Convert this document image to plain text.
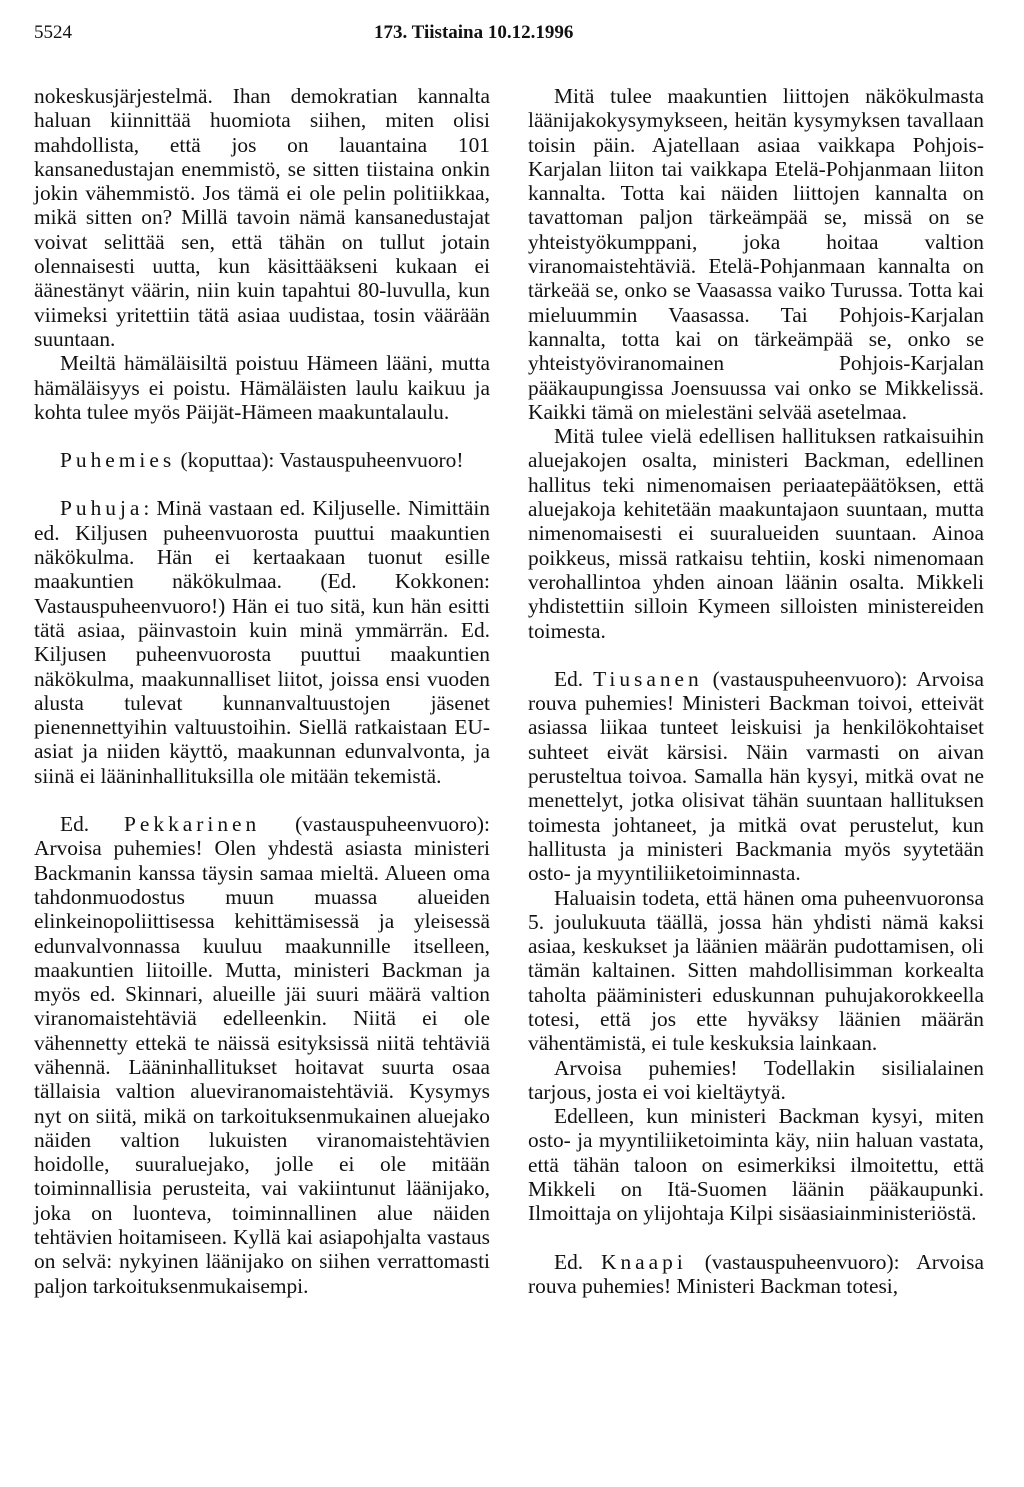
5524	173. Tiistaina 10.12.1996

nokeskusjärjestelmä. Ihan demokratian kannalta haluan kiinnittää huomiota siihen, miten olisi mahdollista, että jos on lauantaina 101 kansanedustajan enemmistö, se sitten tiistaina onkin jokin vähemmistö. Jos tämä ei ole pelin politiikkaa, mikä sitten on? Millä tavoin nämä kansanedustajat voivat selittää sen, että tähän on tullut jotain olennaisesti uutta, kun käsittääkseni kukaan ei äänestänyt väärin, niin kuin tapahtui 80-luvulla, kun viimeksi yritettiin tätä asiaa uudistaa, tosin väärään suuntaan.

Meiltä hämäläisiltä poistuu Hämeen lääni, mutta hämäläisyys ei poistu. Hämäläisten laulu kaikuu ja kohta tulee myös Päijät-Hämeen maakuntalaulu.

Puhemies (koputtaa): Vastauspuheenvuoro!

Puhuja: Minä vastaan ed. Kiljuselle. Nimittäin ed. Kiljusen puheenvuorosta puuttui maakuntien näkökulma. Hän ei kertaakaan tuonut esille maakuntien näkökulmaa. (Ed. Kokkonen: Vastauspuheenvuoro!) Hän ei tuo sitä, kun hän esitti tätä asiaa, päinvastoin kuin minä ymmärrän. Ed. Kiljusen puheenvuorosta puuttui maakuntien näkökulma, maakunnalliset liitot, joissa ensi vuoden alusta tulevat kunnanvaltuustojen jäsenet pienennettyihin valtuustoihin. Siellä ratkaistaan EU-asiat ja niiden käyttö, maakunnan edunvalvonta, ja siinä ei lääninhallituksilla ole mitään tekemistä.

Ed. Pekkarinen (vastauspuheenvuoro): Arvoisa puhemies! Olen yhdestä asiasta ministeri Backmanin kanssa täysin samaa mieltä. Alueen oma tahdonmuodostus muun muassa alueiden elinkeinopoliittisessa kehittämisessä ja yleisessä edunvalvonnassa kuuluu maakunnille itselleen, maakuntien liitoille. Mutta, ministeri Backman ja myös ed. Skinnari, alueille jäi suuri määrä valtion viranomaistehtäviä edelleenkin. Niitä ei ole vähennetty ettekä te näissä esityksissä niitä tehtäviä vähennä. Lääninhallitukset hoitavat suurta osaa tällaisia valtion alueviranomaistehtäviä. Kysymys nyt on siitä, mikä on tarkoituksenmukainen aluejako näiden valtion lukuisten viranomaistehtävien hoidolle, suuraluejako, jolle ei ole mitään toiminnallisia perusteita, vai vakiintunut läänijako, joka on luonteva, toiminnallinen alue näiden tehtävien hoitamiseen. Kyllä kai asiapohjalta vastaus on selvä: nykyinen läänijako on siihen verrattomasti paljon tarkoituksenmukaisempi.

Mitä tulee maakuntien liittojen näkökulmasta läänijakokysymykseen, heitän kysymyksen tavallaan toisin päin. Ajatellaan asiaa vaikkapa Pohjois-Karjalan liiton tai vaikkapa Etelä-Pohjanmaan liiton kannalta. Totta kai näiden liittojen kannalta on tavattoman paljon tärkeämpää se, missä on se yhteistyökumppani, joka hoitaa valtion viranomaistehtäviä. Etelä-Pohjanmaan kannalta on tärkeää se, onko se Vaasassa vaiko Turussa. Totta kai mieluummin Vaasassa. Tai Pohjois-Karjalan kannalta, totta kai on tärkeämpää se, onko se yhteistyöviranomainen Pohjois-Karjalan pääkaupungissa Joensuussa vai onko se Mikkelissä. Kaikki tämä on mielestäni selvää asetelmaa.

Mitä tulee vielä edellisen hallituksen ratkaisuihin aluejakojen osalta, ministeri Backman, edellinen hallitus teki nimenomaisen periaatepäätöksen, että aluejakoja kehitetään maakuntajaon suuntaan, mutta nimenomaisesti ei suuralueiden suuntaan. Ainoa poikkeus, missä ratkaisu tehtiin, koski nimenomaan verohallintoa yhden ainoan läänin osalta. Mikkeli yhdistettiin silloin Kymeen silloisten ministereiden toimesta.

Ed. Tiusanen (vastauspuheenvuoro): Arvoisa rouva puhemies! Ministeri Backman toivoi, etteivät asiassa liikaa tunteet leiskuisi ja henkilökohtaiset suhteet eivät kärsisi. Näin varmasti on aivan perusteltua toivoa. Samalla hän kysyi, mitkä ovat ne menettelyt, jotka olisivat tähän suuntaan hallituksen toimesta johtaneet, ja mitkä ovat perustelut, kun hallitusta ja ministeri Backmania myös syytetään osto- ja myyntiliiketoiminnasta.

Haluaisin todeta, että hänen oma puheenvuoronsa 5. joulukuuta täällä, jossa hän yhdisti nämä kaksi asiaa, keskukset ja läänien määrän pudottamisen, oli tämän kaltainen. Sitten mahdollisimman korkealta taholta pääministeri eduskunnan puhujakorokkeella totesi, että jos ette hyväksy läänien määrän vähentämistä, ei tule keskuksia lainkaan.

Arvoisa puhemies! Todellakin sisilialainen tarjous, josta ei voi kieltäytyä.

Edelleen, kun ministeri Backman kysyi, miten osto- ja myyntiliiketoiminta käy, niin haluan vastata, että tähän taloon on esimerkiksi ilmoitettu, että Mikkeli on Itä-Suomen läänin pääkaupunki. Ilmoittaja on ylijohtaja Kilpi sisäasiainministeriöstä.

Ed. Knaapi (vastauspuheenvuoro): Arvoisa rouva puhemies! Ministeri Backman totesi,
